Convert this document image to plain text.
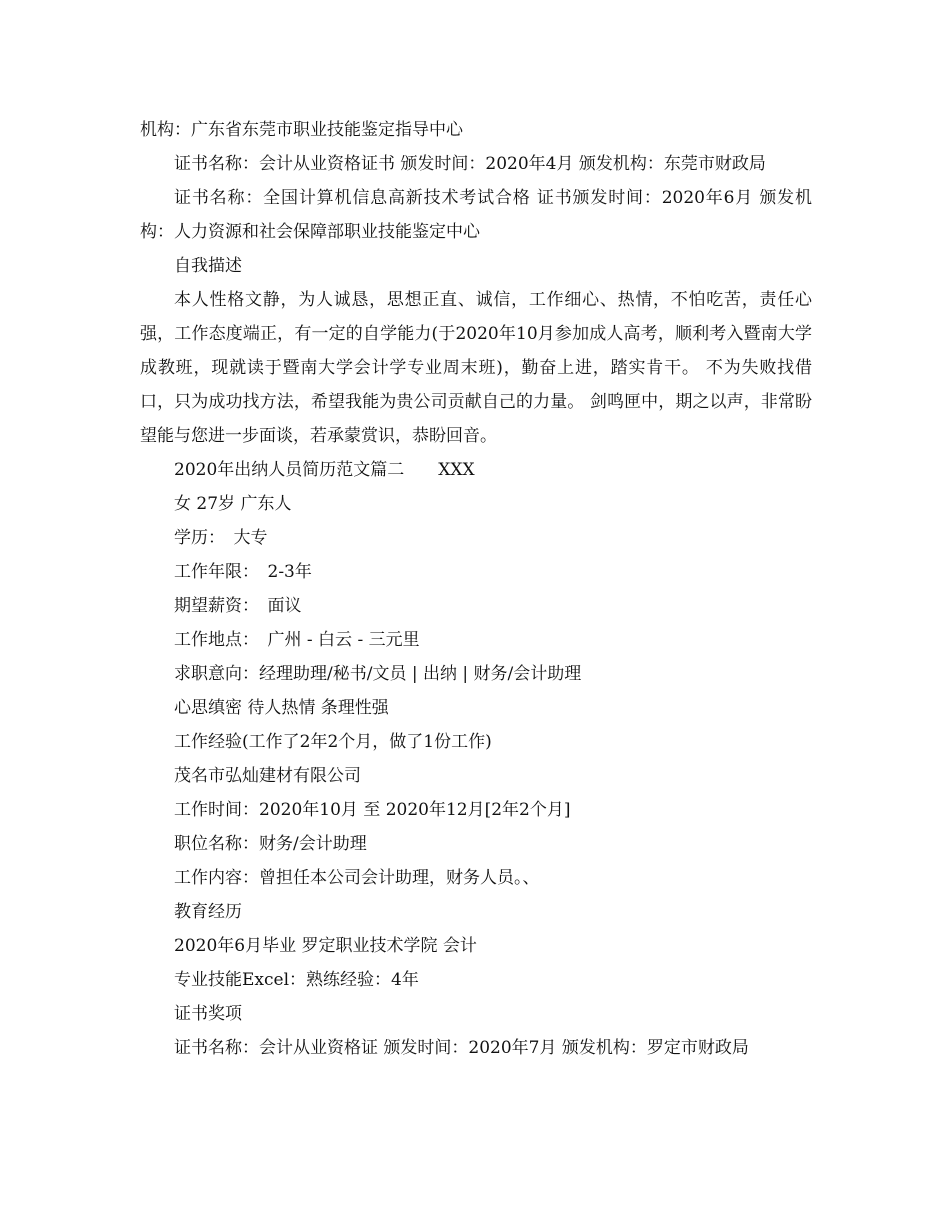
机构：广东省东莞市职业技能鉴定指导中心

证书名称：会计从业资格证书 颁发时间：2020年4月 颁发机构：东莞市财政局

证书名称：全国计算机信息高新技术考试合格 证书颁发时间：2020年6月 颁发机构：人力资源和社会保障部职业技能鉴定中心

自我描述

本人性格文静，为人诚恳，思想正直、诚信，工作细心、热情，不怕吃苦，责任心强，工作态度端正，有一定的自学能力(于2020年10月参加成人高考，顺利考入暨南大学成教班，现就读于暨南大学会计学专业周末班)，勤奋上进，踏实肯干。 不为失败找借口，只为成功找方法，希望我能为贵公司贡献自己的力量。 剑鸣匣中，期之以声，非常盼望能与您进一步面谈，若承蒙赏识，恭盼回音。

2020年出纳人员简历范文篇二　　XXX

女 27岁 广东人

学历：　大专

工作年限：　2-3年

期望薪资：　面议

工作地点：　广州 - 白云 - 三元里

求职意向：经理助理/秘书/文员 | 出纳 | 财务/会计助理

心思缜密 待人热情 条理性强

工作经验(工作了2年2个月，做了1份工作)

茂名市弘灿建材有限公司

工作时间：2020年10月 至 2020年12月[2年2个月]

职位名称：财务/会计助理

工作内容：曾担任本公司会计助理，财务人员。、

教育经历

2020年6月毕业 罗定职业技术学院 会计

专业技能Excel：熟练经验：4年

证书奖项

证书名称：会计从业资格证 颁发时间：2020年7月 颁发机构：罗定市财政局
